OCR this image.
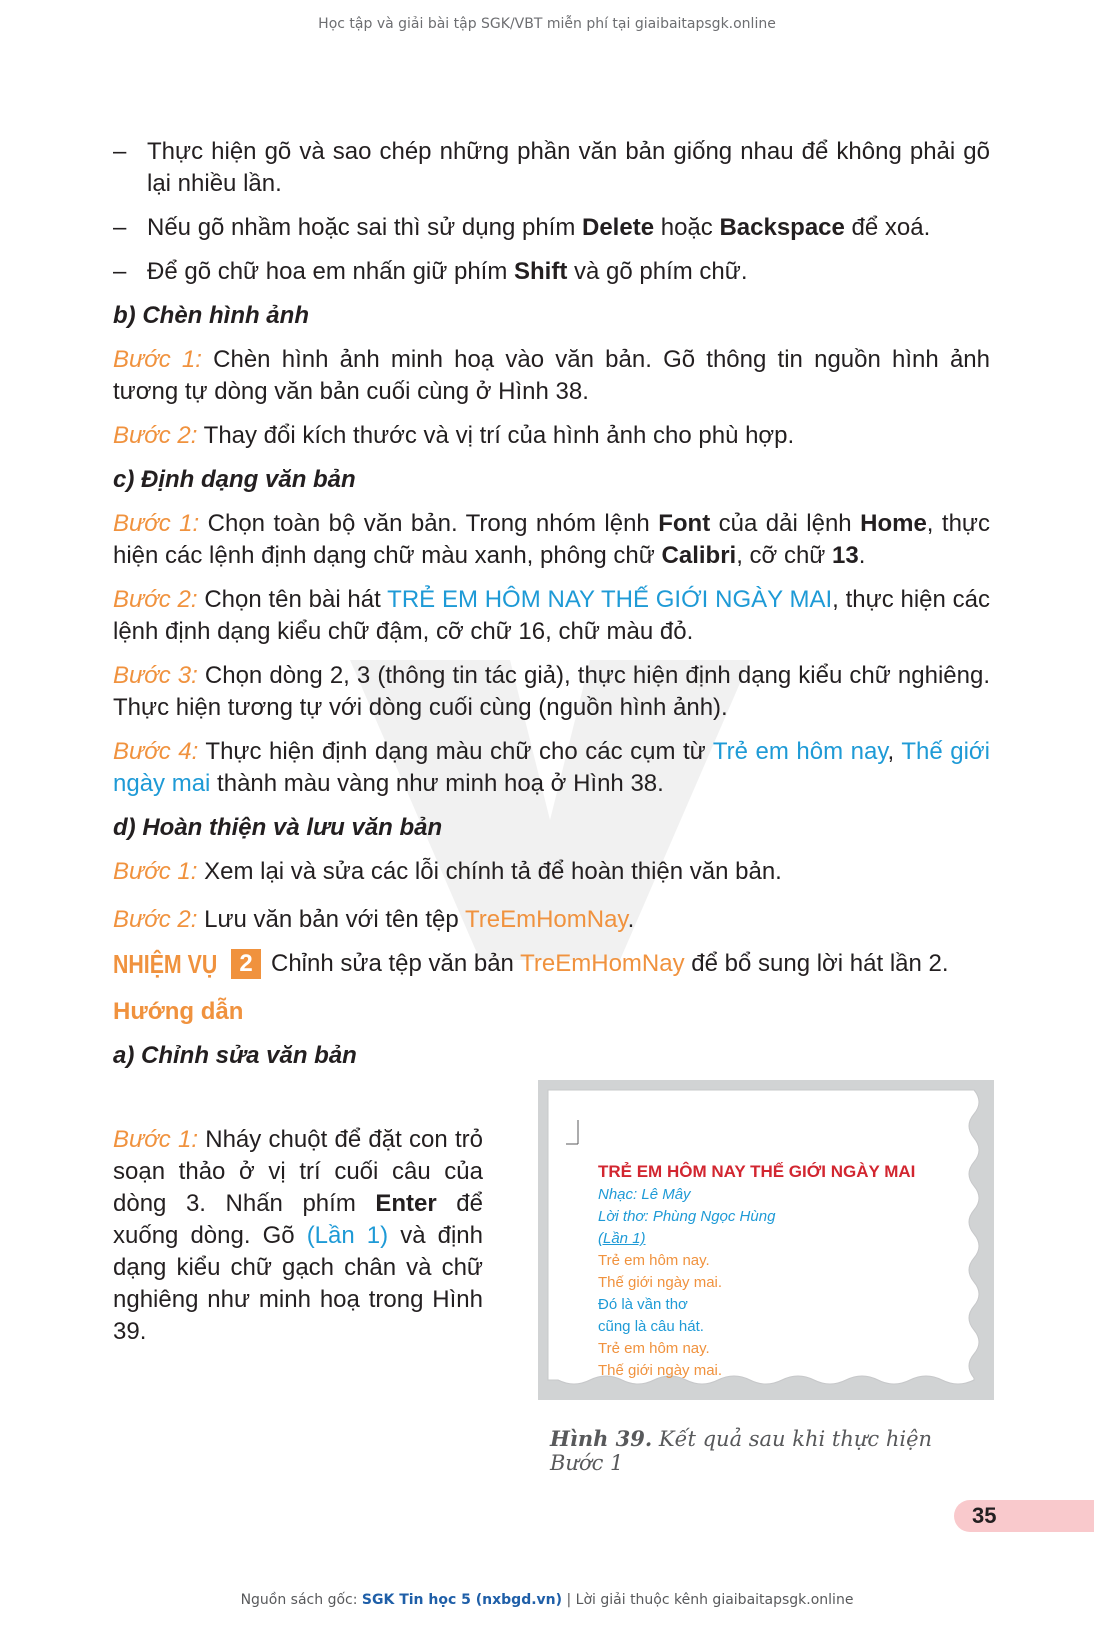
Học tập và giải bài tập SGK/VBT miễn phí tại giaibaitapsgk.online

– Thực hiện gõ và sao chép những phần văn bản giống nhau để không phải gõ lại nhiều lần.

– Nếu gõ nhầm hoặc sai thì sử dụng phím Delete hoặc Backspace để xoá.

– Để gõ chữ hoa em nhấn giữ phím Shift và gõ phím chữ.

b) Chèn hình ảnh

Bước 1: Chèn hình ảnh minh hoạ vào văn bản. Gõ thông tin nguồn hình ảnh tương tự dòng văn bản cuối cùng ở Hình 38.

Bước 2: Thay đổi kích thước và vị trí của hình ảnh cho phù hợp.

c) Định dạng văn bản

Bước 1: Chọn toàn bộ văn bản. Trong nhóm lệnh Font của dải lệnh Home, thực hiện các lệnh định dạng chữ màu xanh, phông chữ Calibri, cỡ chữ 13.

Bước 2: Chọn tên bài hát TRẺ EM HÔM NAY THẾ GIỚI NGÀY MAI, thực hiện các lệnh định dạng kiểu chữ đậm, cỡ chữ 16, chữ màu đỏ.

Bước 3: Chọn dòng 2, 3 (thông tin tác giả), thực hiện định dạng kiểu chữ nghiêng. Thực hiện tương tự với dòng cuối cùng (nguồn hình ảnh).

Bước 4: Thực hiện định dạng màu chữ cho các cụm từ Trẻ em hôm nay, Thế giới ngày mai thành màu vàng như minh hoạ ở Hình 38.

d) Hoàn thiện và lưu văn bản

Bước 1: Xem lại và sửa các lỗi chính tả để hoàn thiện văn bản.

Bước 2: Lưu văn bản với tên tệp TreEmHomNay.

NHIỆM VỤ 2 Chỉnh sửa tệp văn bản TreEmHomNay để bổ sung lời hát lần 2.

Hướng dẫn

a) Chỉnh sửa văn bản

Bước 1: Nháy chuột để đặt con trỏ soạn thảo ở vị trí cuối câu của dòng 3. Nhấn phím Enter để xuống dòng. Gõ (Lần 1) và định dạng kiểu chữ gạch chân và chữ nghiêng như minh hoạ trong Hình 39.

TRẺ EM HÔM NAY THẾ GIỚI NGÀY MAI
Nhạc: Lê Mây
Lời thơ: Phùng Ngọc Hùng
(Lần 1)
Trẻ em hôm nay.
Thế giới ngày mai.
Đó là vần thơ
cũng là câu hát.
Trẻ em hôm nay.
Thế giới ngày mai.
Hình 39. Kết quả sau khi thực hiện Bước 1
35
Nguồn sách gốc: SGK Tin học 5 (nxbgd.vn) | Lời giải thuộc kênh giaibaitapsgk.online
